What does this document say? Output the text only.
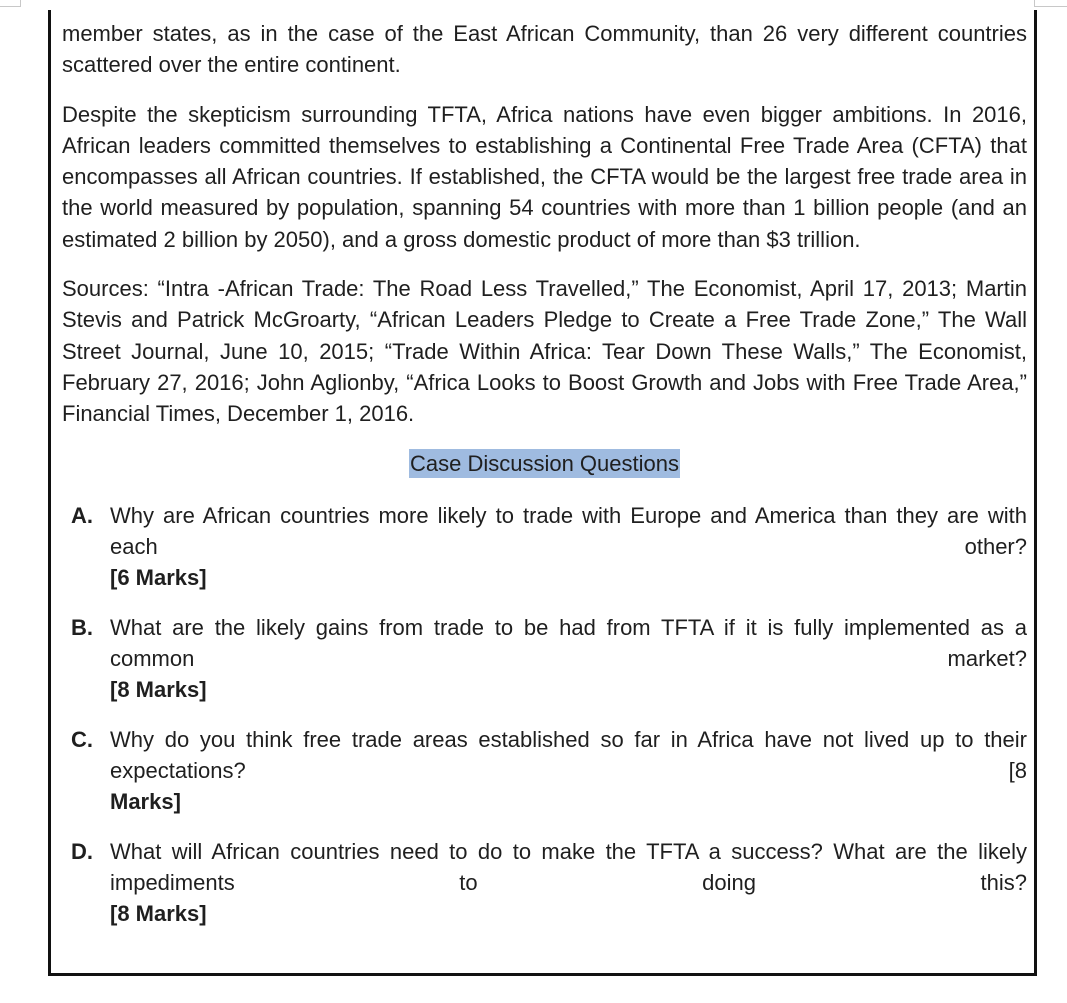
member states, as in the case of the East African Community, than 26 very different countries scattered over the entire continent.

Despite the skepticism surrounding TFTA, Africa nations have even bigger ambitions. In 2016, African leaders committed themselves to establishing a Continental Free Trade Area (CFTA) that encompasses all African countries. If established, the CFTA would be the largest free trade area in the world measured by population, spanning 54 countries with more than 1 billion people (and an estimated 2 billion by 2050), and a gross domestic product of more than $3 trillion.

Sources: “Intra -African Trade: The Road Less Travelled,” The Economist, April 17, 2013; Martin Stevis and Patrick McGroarty, “African Leaders Pledge to Create a Free Trade Zone,” The Wall Street Journal, June 10, 2015; “Trade Within Africa: Tear Down These Walls,” The Economist, February 27, 2016; John Aglionby, “Africa Looks to Boost Growth and Jobs with Free Trade Area,” Financial Times, December 1, 2016.

Case Discussion Questions
A. Why are African countries more likely to trade with Europe and America than they are with each other?
[6 Marks]
B. What are the likely gains from trade to be had from TFTA if it is fully implemented as a common market?
[8 Marks]
C. Why do you think free trade areas established so far in Africa have not lived up to their expectations? [8
Marks]
D. What will African countries need to do to make the TFTA a success? What are the likely impediments to doing this?
[8 Marks]
